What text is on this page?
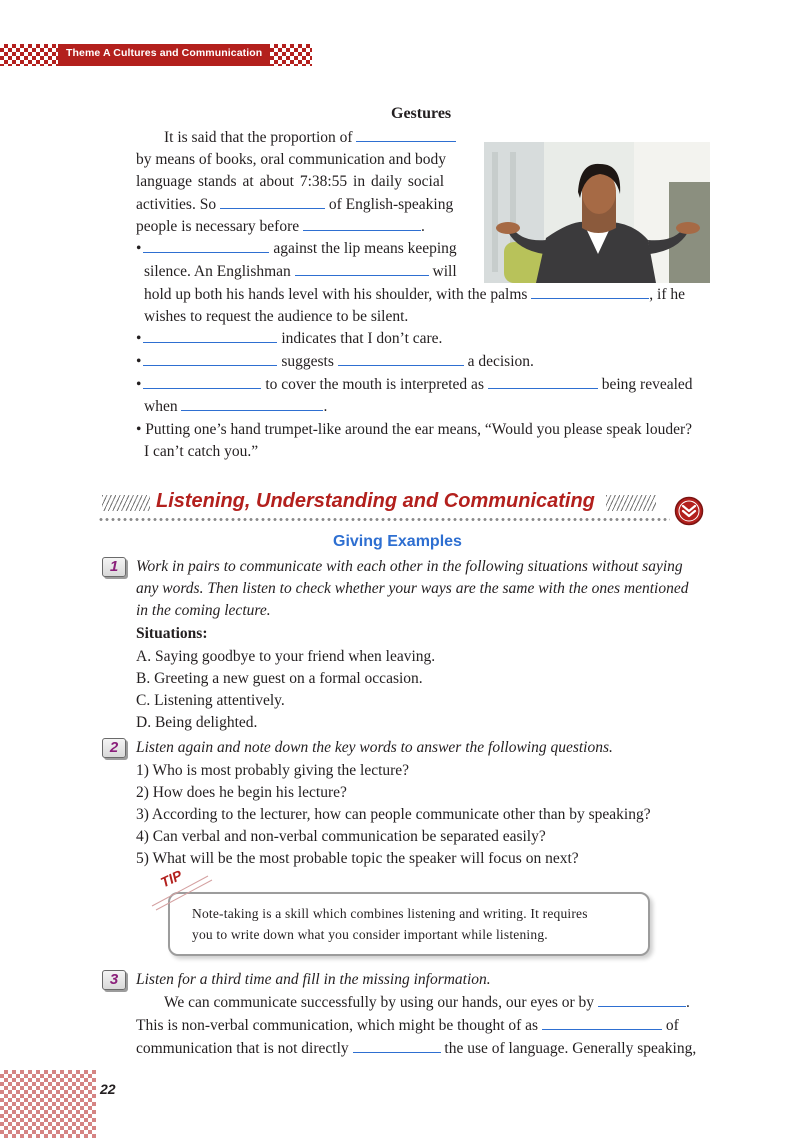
Theme A Cultures and Communication
Gestures
It is said that the proportion of
by means of books, oral communication and body
language stands at about 7:38:55 in daily social
activities. So	of English-speaking
people is necessary before	.
•	against the lip means keeping
silence. An Englishman	will
hold up both his hands level with his shoulder, with the palms	, if he
wishes to request the audience to be silent.
•	indicates that I don’t care.
•	suggests	a decision.
•	to cover the mouth is interpreted as	being revealed
when	.
• Putting one’s hand trumpet-like around the ear means, “Would you please speak louder?
I can’t catch you.”
Listening, Understanding and Communicating
Giving Examples
1	Work in pairs to communicate with each other in the following situations without saying
any words. Then listen to check whether your ways are the same with the ones mentioned
in the coming lecture.
Situations:
A. Saying goodbye to your friend when leaving.
B. Greeting a new guest on a formal occasion.
C. Listening attentively.
D. Being delighted.
2	Listen again and note down the key words to answer the following questions.
1) Who is most probably giving the lecture?
2) How does he begin his lecture?
3) According to the lecturer, how can people communicate other than by speaking?
4) Can verbal and non-verbal communication be separated easily?
5) What will be the most probable topic the speaker will focus on next?
TIP
Note-taking is a skill which combines listening and writing. It requires
you to write down what you consider important while listening.
3	Listen for a third time and fill in the missing information.
We can communicate successfully by using our hands, our eyes or by	.
This is non-verbal communication, which might be thought of as	of
communication that is not directly	the use of language. Generally speaking,
22
